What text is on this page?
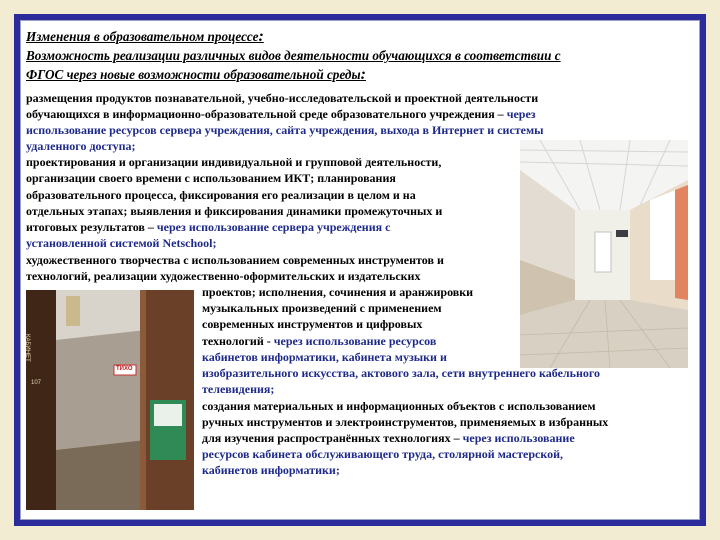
Изменения в образовательном процессе:
Возможность реализации различных видов деятельности обучающихся в соответствии с
ФГОС через новые возможности образовательной среды:
КАБИНЕТ
107
ТИХО
размещения продуктов познавательной, учебно-исследовательской и проектной деятельности
обучающихся в информационно-образовательной среде образовательного учреждения – через
использование ресурсов сервера учреждения, сайта учреждения, выхода в Интернет и системы
удаленного доступа;
проектирования и организации индивидуальной и групповой деятельности,
организации своего времени с использованием ИКТ; планирования
образовательного процесса, фиксирования его реализации в целом и на
отдельных этапах; выявления и фиксирования динамики промежуточных и
итоговых результатов – через использование сервера учреждения с
установленной системой Netschool;
художественного творчества с использованием современных инструментов и
технологий, реализации художественно-оформительских и издательских
проектов; исполнения, сочинения и аранжировки
музыкальных произведений с применением
современных инструментов и цифровых
технологий - через использование ресурсов
кабинетов информатики, кабинета музыки и
изобразительного искусства, актового зала, сети внутреннего кабельного
телевидения;
создания материальных и информационных объектов с использованием
ручных инструментов и электроинструментов, применяемых в избранных
для изучения распространённых технологиях – через использование
ресурсов кабинета обслуживающего труда, столярной мастерской,
кабинетов информатики;
